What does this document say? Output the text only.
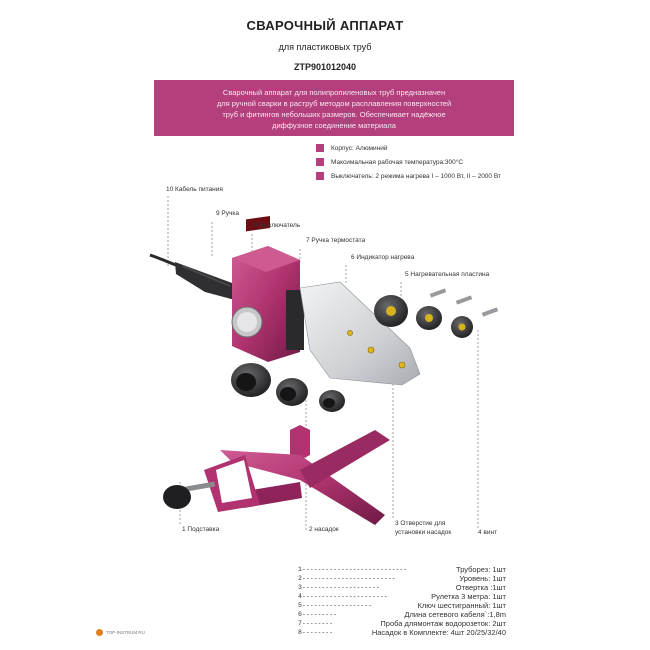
СВАРОЧНЫЙ АППАРАТ
для пластиковых труб
ZTP901012040
Сварочный аппарат для полипропиленовых труб предназначен
для ручной сварки в раструб методом расплавления поверхностей
труб и фитингов небольших размеров. Обеспечивает надёжное
диффузное соединение материала
Корпус: Алюминий
Максимальная рабочая температура:300°С
Выключатель: 2 режима нагрева I – 1000 Вт, II – 2000 Вт
10 Кабель питания
9 Ручка
8 Выключатель
7 Ручка термостата
6 Индикатор нагрева
5 Нагревательная пластина
1 Подставка	2 насадок
3 Отверстие для
установки насадок	4 винт
1---------------------------
2------------------------
3--------------------
4----------------------
5------------------
6---------
7--------
8--------
Труборез: 1шт
Уровень: 1шт
Отвертка :1шт
Рулетка 3 метра: 1шт
Ключ шестигранный: 1шт
Длина сетевого кабеля`:1,8m
Проба длямонтаж водорозеток: 2шт
Насадок в Комплекте: 4шт 20/25/32/40
TOP-INSTRUM.RU
